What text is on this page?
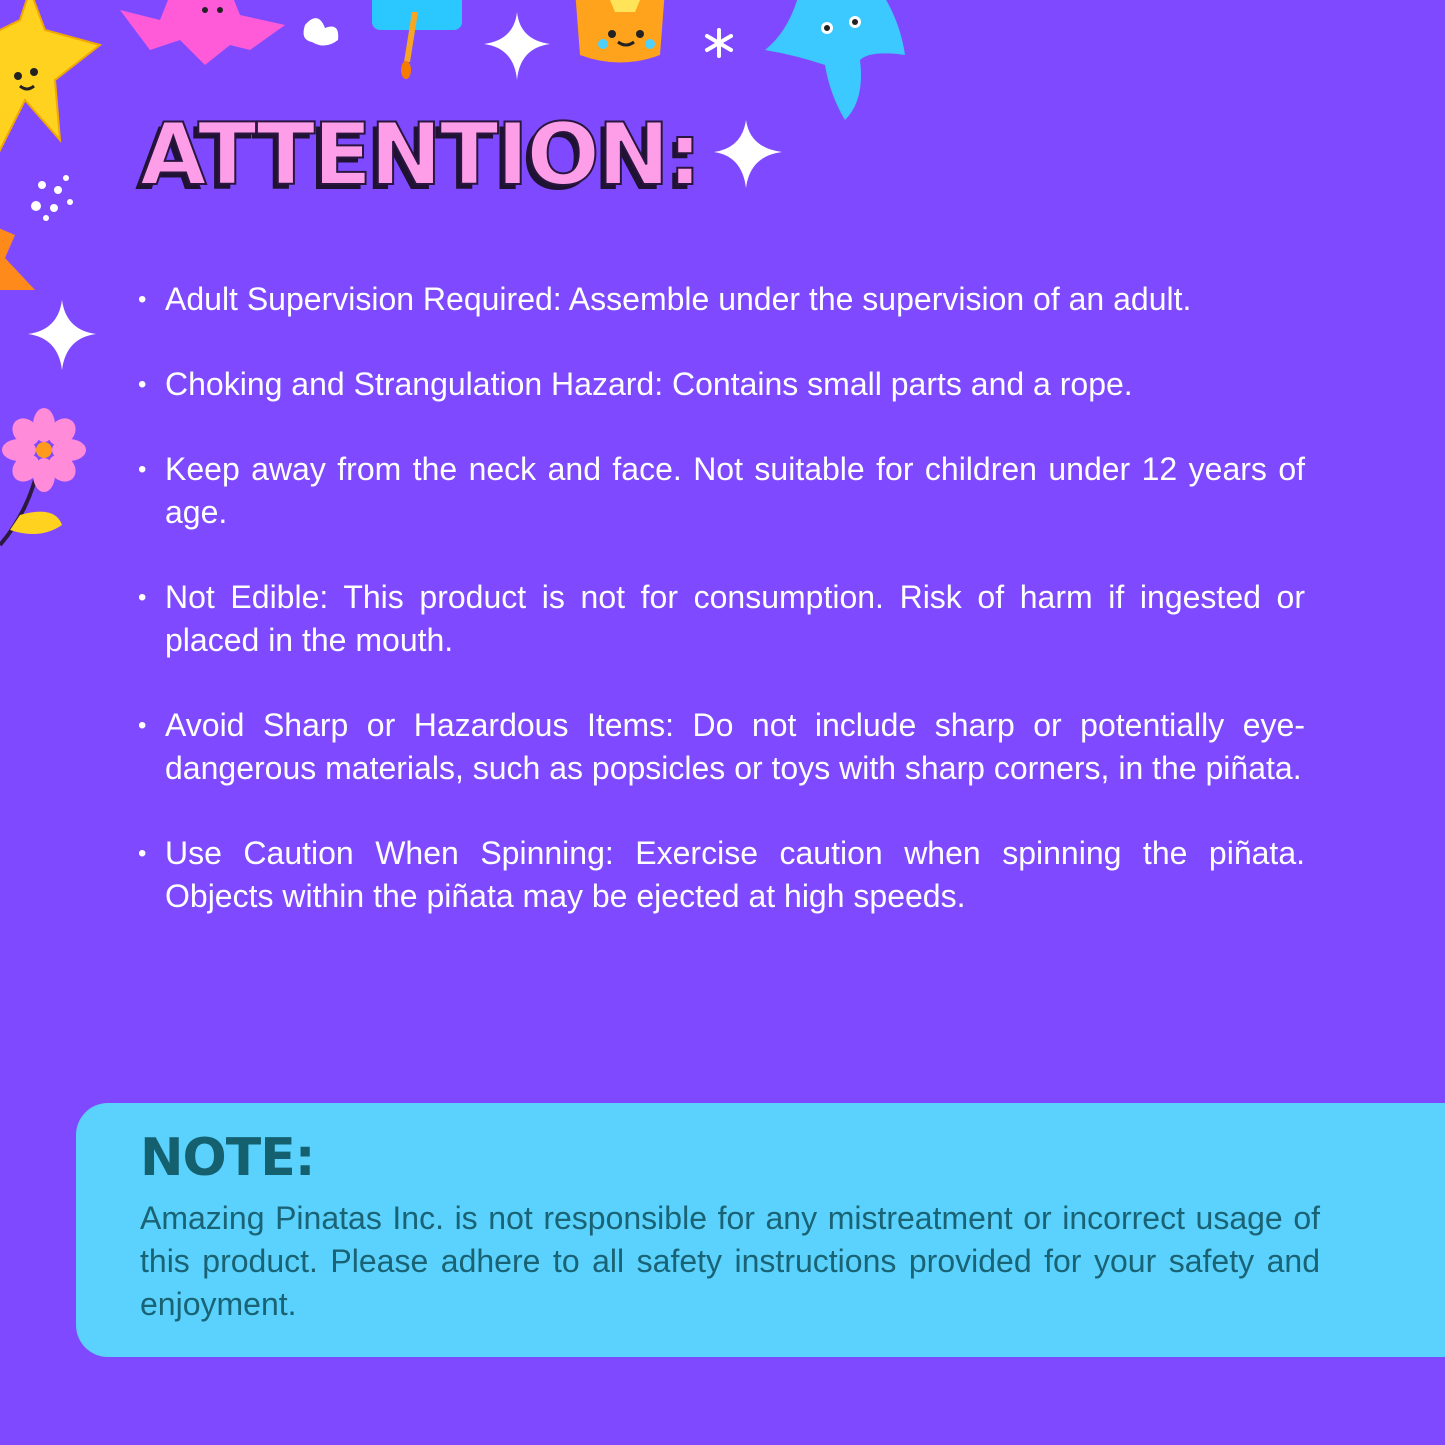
ATTENTION:
• Adult Supervision Required: Assemble under the supervision of an adult.
• Choking and Strangulation Hazard: Contains small parts and a rope.
• Keep away from the neck and face. Not suitable for children under 12 years of age.
• Not Edible: This product is not for consumption. Risk of harm if ingested or placed in the mouth.
• Avoid Sharp or Hazardous Items: Do not include sharp or potentially eye-dangerous materials, such as popsicles or toys with sharp corners, in the piñata.
• Use Caution When Spinning: Exercise caution when spinning the piñata. Objects within the piñata may be ejected at high speeds.
NOTE:

Amazing Pinatas Inc. is not responsible for any mistreatment or incorrect usage of this product. Please adhere to all safety instructions provided for your safety and enjoyment.
